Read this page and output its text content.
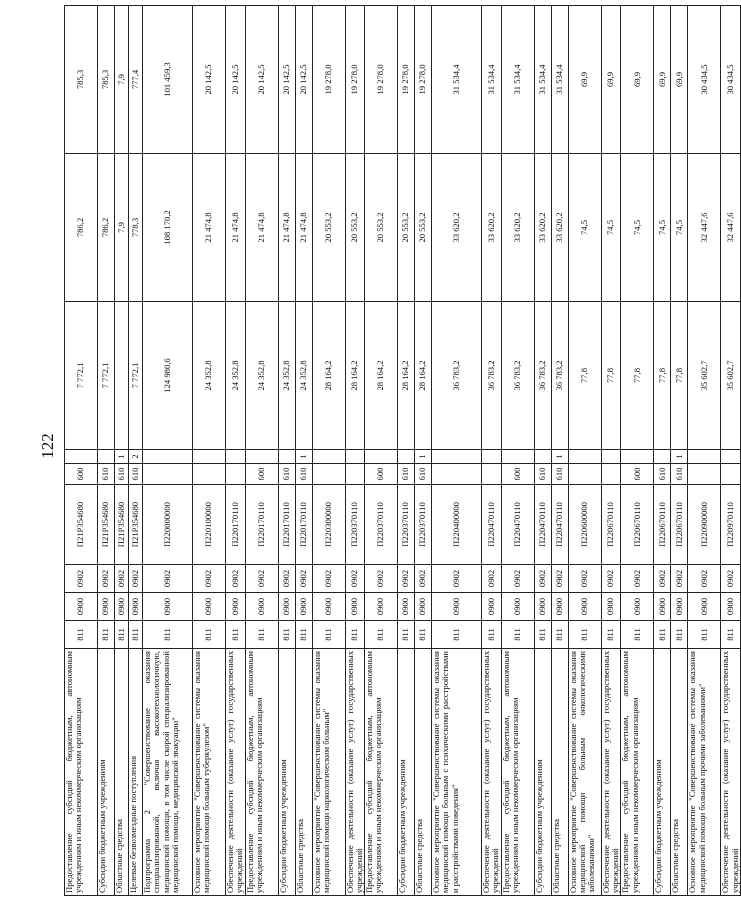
122
Предоставление субсидий бюджетным, автономным учреждениям и иным некоммерческим организациям	811	0900	0902	П21Р354680	600		7 772,1	786,2	785,3
Субсидии бюджетным учреждениям	811	0900	0902	П21Р354680	610		7 772,1	786,2	785,3
Областные средства	811	0900	0902	П21Р354680	610	1		7,9	7,9
Целевые безвозмездные поступления	811	0900	0902	П21Р354680	610	2	7 772,1	778,3	777,4
Подпрограмма 2 "Совершенствование оказания специализированной, включая высокотехнологичную, медицинской помощи, в том числе скорой специализированной медицинской помощи, медицинской эвакуации"	811	0900	0902	П220000000			124 980,6	108 170,2	101 459,3
Основное мероприятие "Совершенствование системы оказания медицинской помощи больным туберкулезом"	811	0900	0902	П220100000			24 352,8	21 474,8	20 142,5
Обеспечение деятельности (оказание услуг) государственных учреждений	811	0900	0902	П220170110			24 352,8	21 474,8	20 142,5
Предоставление субсидий бюджетным, автономным учреждениям и иным некоммерческим организациям	811	0900	0902	П220170110	600		24 352,8	21 474,8	20 142,5
Субсидии бюджетным учреждениям	811	0900	0902	П220170110	610		24 352,8	21 474,8	20 142,5
Областные средства	811	0900	0902	П220170110	610	1	24 352,8	21 474,8	20 142,5
Основное мероприятие "Совершенствование системы оказания медицинской помощи наркологическим больным"	811	0900	0902	П220300000			28 164,2	20 553,2	19 278,0
Обеспечение деятельности (оказание услуг) государственных учреждений	811	0900	0902	П220370110			28 164,2	20 553,2	19 278,0
Предоставление субсидий бюджетным, автономным учреждениям и иным некоммерческим организациям	811	0900	0902	П220370110	600		28 164,2	20 553,2	19 278,0
Субсидии бюджетным учреждениям	811	0900	0902	П220370110	610		28 164,2	20 553,2	19 278,0
Областные средства	811	0900	0902	П220370110	610	1	28 164,2	20 553,2	19 278,0
Основное мероприятие "Совершенствование системы оказания медицинской помощи больным с психическими расстройствами и расстройствами поведения"	811	0900	0902	П220400000			36 783,2	33 620,2	31 534,4
Обеспечение деятельности (оказание услуг) государственных учреждений	811	0900	0902	П220470110			36 783,2	33 620,2	31 534,4
Предоставление субсидий бюджетным, автономным учреждениям и иным некоммерческим организациям	811	0900	0902	П220470110	600		36 783,2	33 620,2	31 534,4
Субсидии бюджетным учреждениям	811	0900	0902	П220470110	610		36 783,2	33 620,2	31 534,4
Областные средства	811	0900	0902	П220470110	610	1	36 783,2	33 620,2	31 534,4
Основное мероприятие "Совершенствование системы оказания медицинской помощи больным онкологическими заболеваниями"	811	0900	0902	П220600000			77,8	74,5	69,9
Обеспечение деятельности (оказание услуг) государственных учреждений	811	0900	0902	П220670110			77,8	74,5	69,9
Предоставление субсидий бюджетным, автономным учреждениям и иным некоммерческим организациям	811	0900	0902	П220670110	600		77,8	74,5	69,9
Субсидии бюджетным учреждениям	811	0900	0902	П220670110	610		77,8	74,5	69,9
Областные средства	811	0900	0902	П220670110	610	1	77,8	74,5	69,9
Основное мероприятие "Совершенствование системы оказания медицинской помощи больным прочими заболеваниями"	811	0900	0902	П220900000			35 602,7	32 447,6	30 434,5
Обеспечение деятельности (оказание услуг) государственных учреждений	811	0900	0902	П220970110			35 602,7	32 447,6	30 434,5
